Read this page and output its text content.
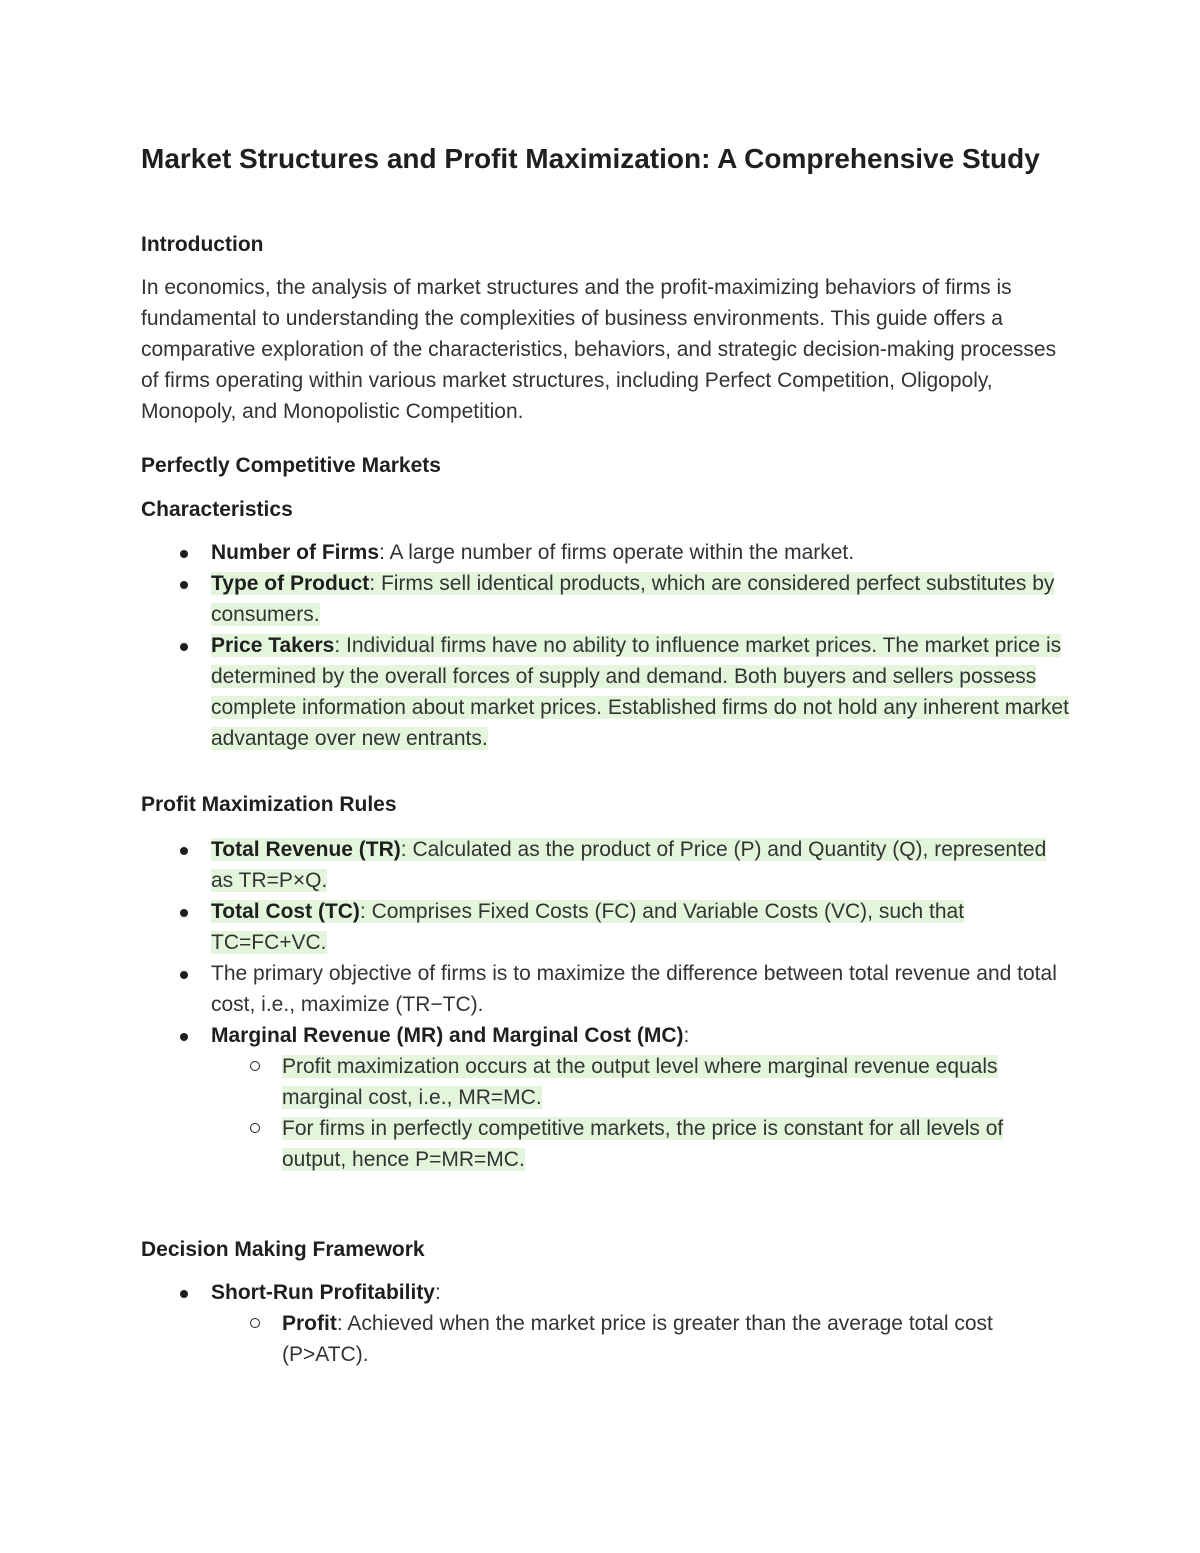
Market Structures and Profit Maximization: A Comprehensive Study
Introduction

In economics, the analysis of market structures and the profit-maximizing behaviors of firms is fundamental to understanding the complexities of business environments. This guide offers a comparative exploration of the characteristics, behaviors, and strategic decision-making processes of firms operating within various market structures, including Perfect Competition, Oligopoly, Monopoly, and Monopolistic Competition.

Perfectly Competitive Markets
Characteristics
Number of Firms: A large number of firms operate within the market.
Type of Product: Firms sell identical products, which are considered perfect substitutes by consumers.
Price Takers: Individual firms have no ability to influence market prices. The market price is determined by the overall forces of supply and demand. Both buyers and sellers possess complete information about market prices. Established firms do not hold any inherent market advantage over new entrants.
Profit Maximization Rules
Total Revenue (TR): Calculated as the product of Price (P) and Quantity (Q), represented as TR=P×Q.
Total Cost (TC): Comprises Fixed Costs (FC) and Variable Costs (VC), such that TC=FC+VC.
The primary objective of firms is to maximize the difference between total revenue and total cost, i.e., maximize (TR−TC).
Marginal Revenue (MR) and Marginal Cost (MC):
Profit maximization occurs at the output level where marginal revenue equals marginal cost, i.e., MR=MC.
For firms in perfectly competitive markets, the price is constant for all levels of output, hence P=MR=MC.
Decision Making Framework
Short-Run Profitability:
Profit: Achieved when the market price is greater than the average total cost (P>ATC).
